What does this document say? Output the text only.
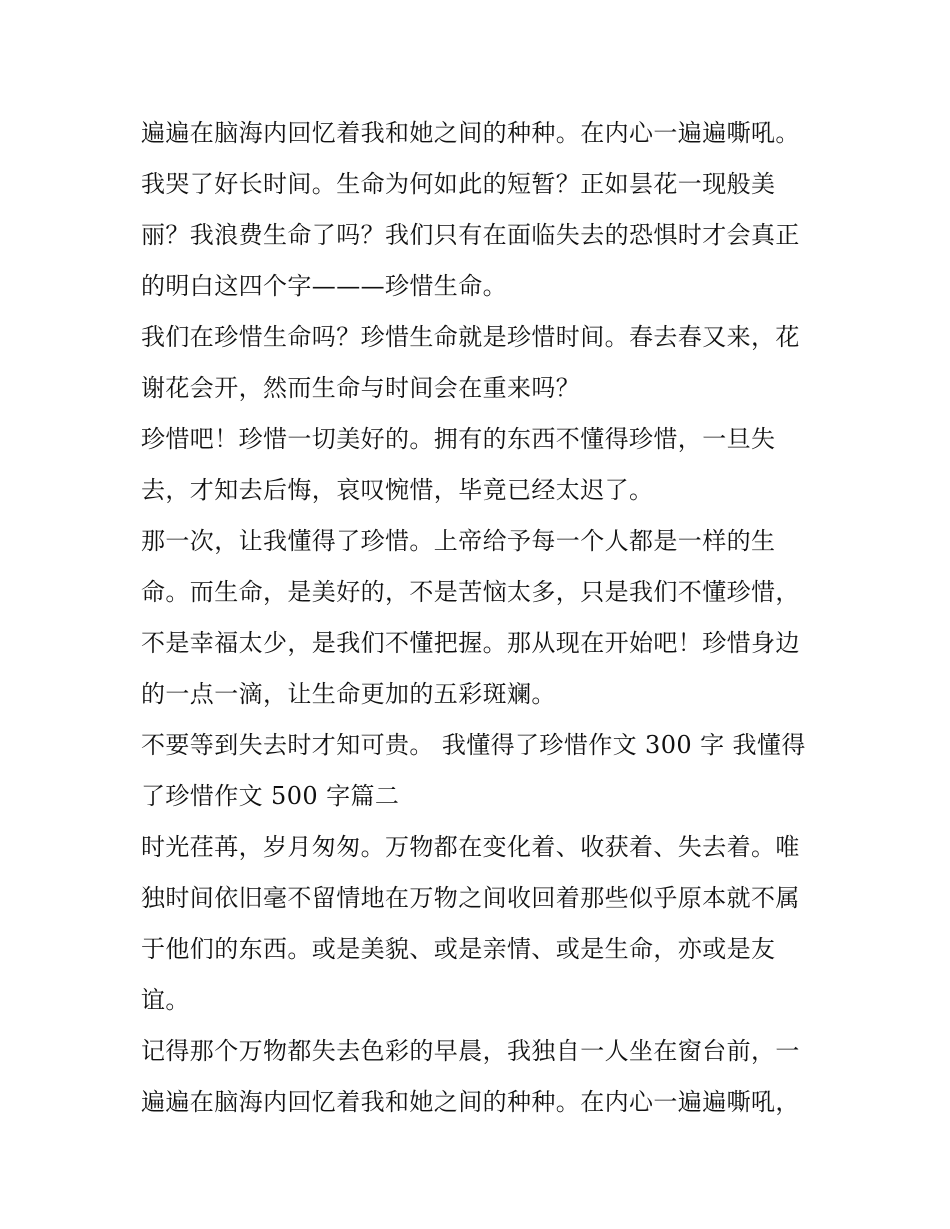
遍遍在脑海内回忆着我和她之间的种种。在内心一遍遍嘶吼。
我哭了好长时间。生命为何如此的短暂？正如昙花一现般美
丽？我浪费生命了吗？我们只有在面临失去的恐惧时才会真正
的明白这四个字———珍惜生命。
我们在珍惜生命吗？珍惜生命就是珍惜时间。春去春又来，花
谢花会开，然而生命与时间会在重来吗？
珍惜吧！珍惜一切美好的。拥有的东西不懂得珍惜，一旦失
去，才知去后悔，哀叹惋惜，毕竟已经太迟了。
那一次，让我懂得了珍惜。上帝给予每一个人都是一样的生
命。而生命，是美好的，不是苦恼太多，只是我们不懂珍惜，
不是幸福太少，是我们不懂把握。那从现在开始吧！珍惜身边
的一点一滴，让生命更加的五彩斑斓。
不要等到失去时才知可贵。 我懂得了珍惜作文 300 字 我懂得
了珍惜作文 500 字篇二
时光荏苒，岁月匆匆。万物都在变化着、收获着、失去着。唯
独时间依旧毫不留情地在万物之间收回着那些似乎原本就不属
于他们的东西。或是美貌、或是亲情、或是生命，亦或是友
谊。
记得那个万物都失去色彩的早晨，我独自一人坐在窗台前，一
遍遍在脑海内回忆着我和她之间的种种。在内心一遍遍嘶吼，
